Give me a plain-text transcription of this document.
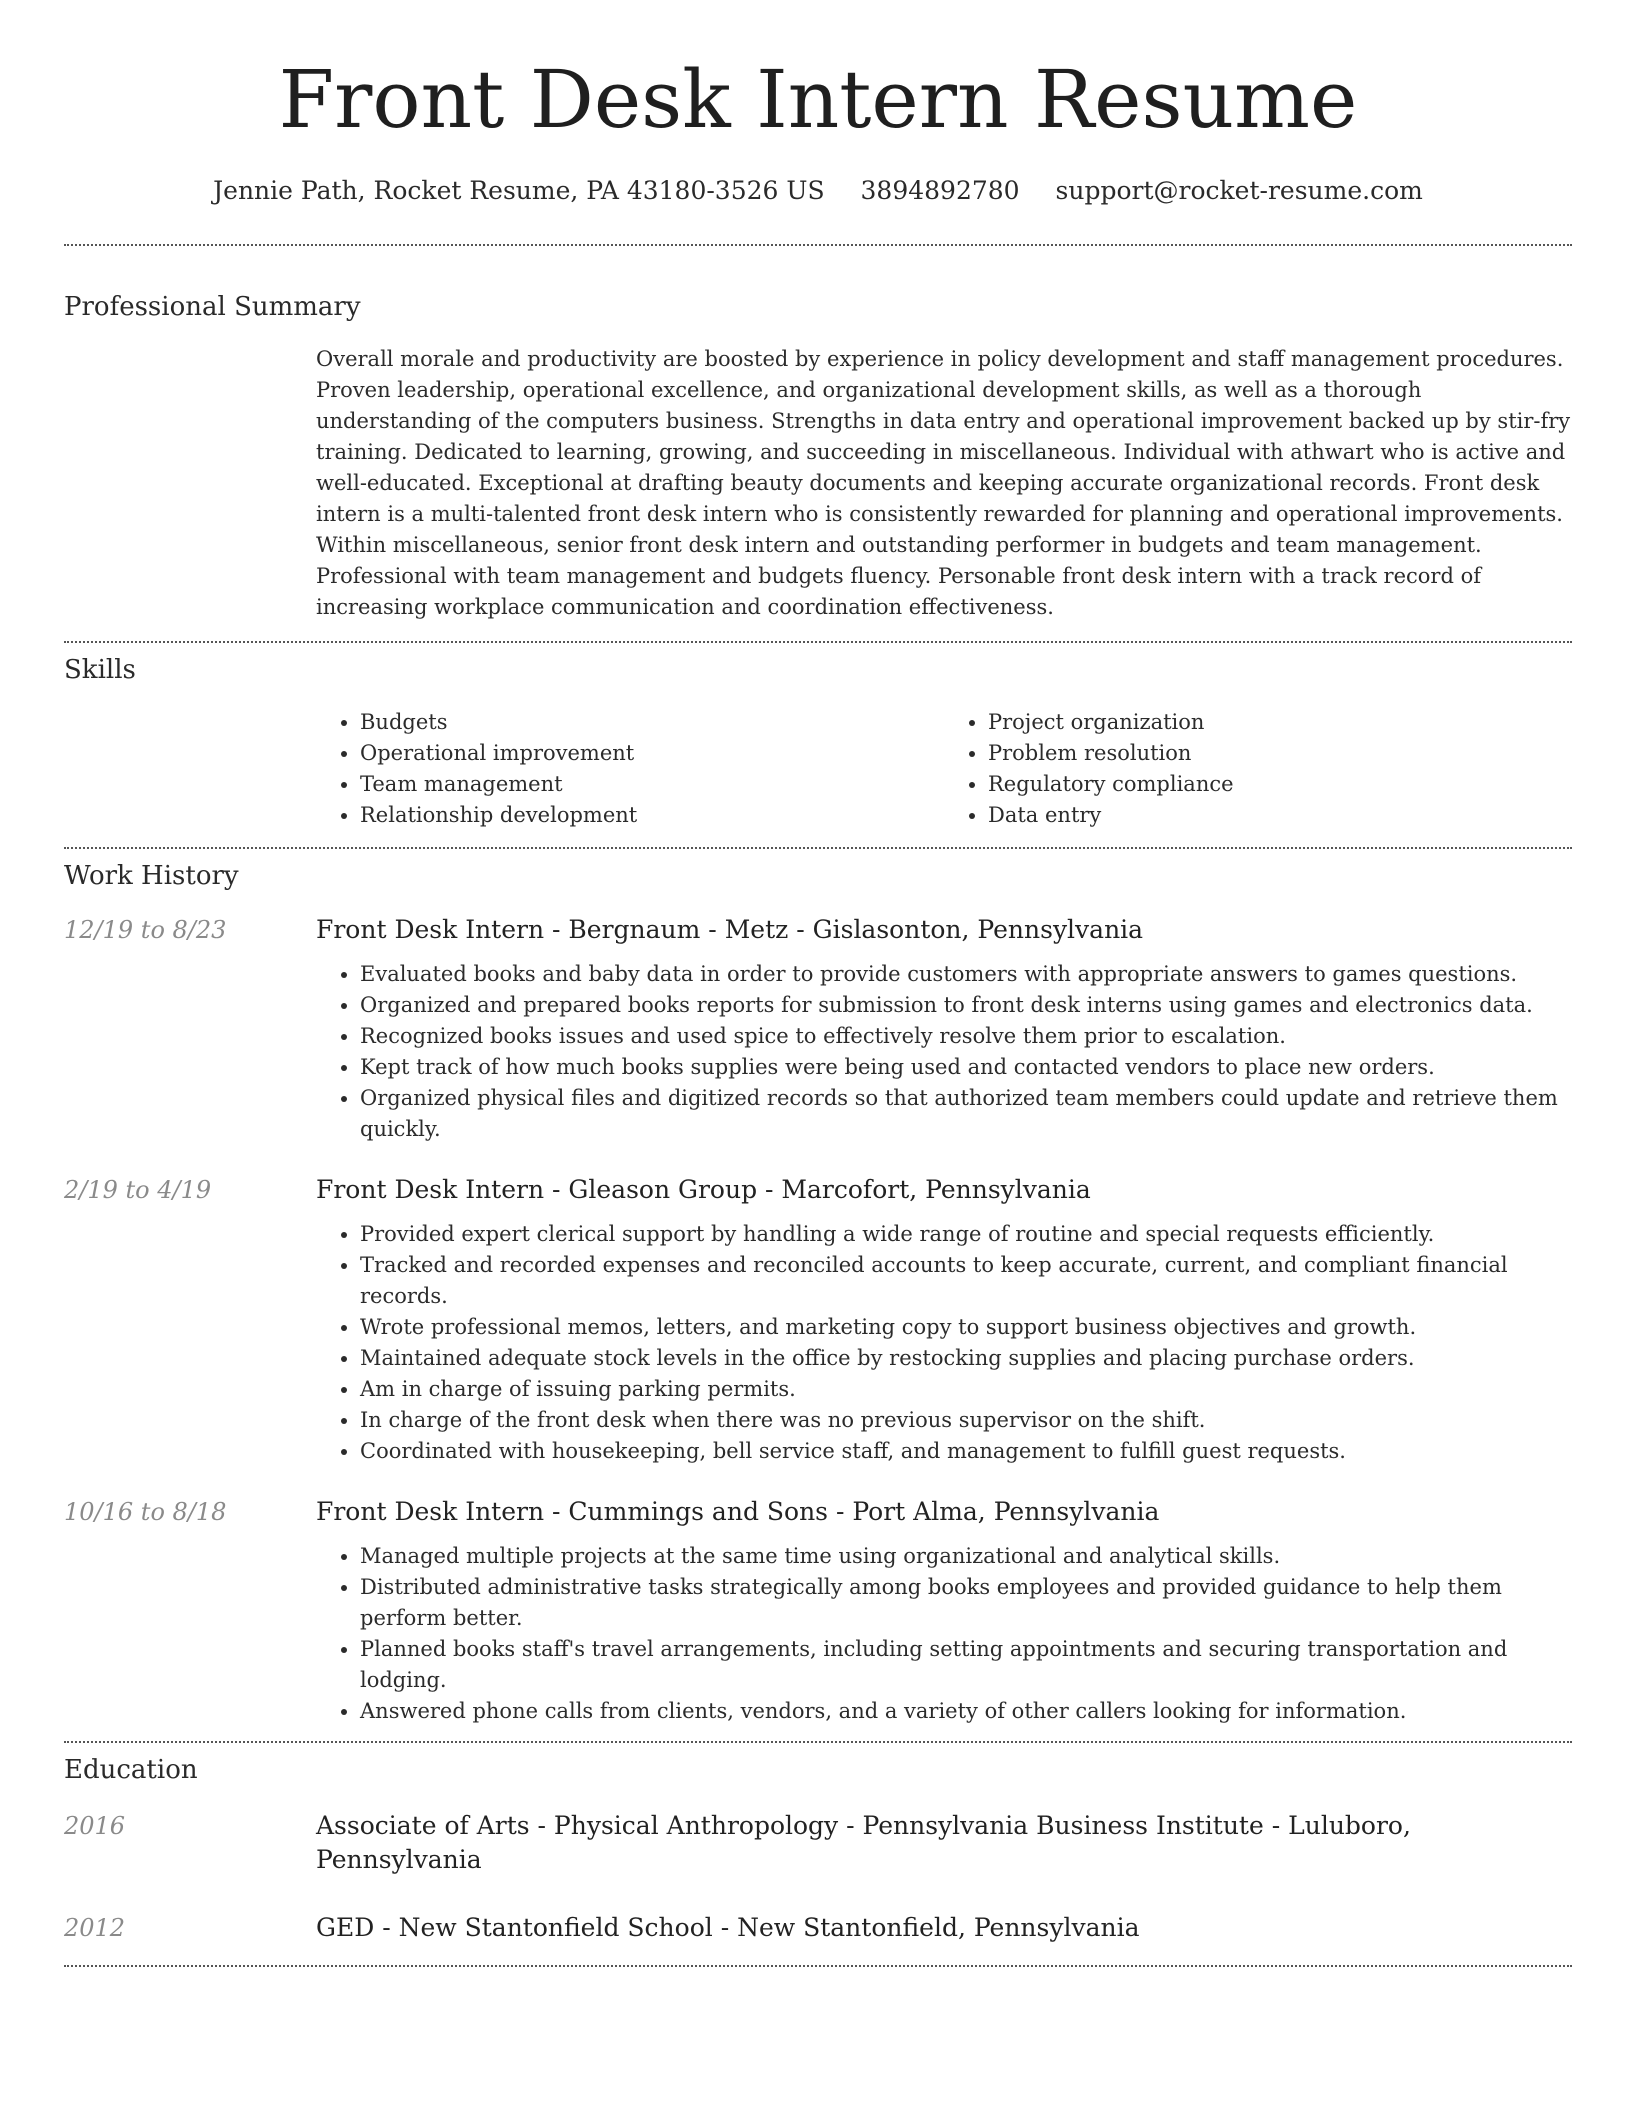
Front Desk Intern Resume
Jennie Path, Rocket Resume, PA 43180-3526 US 3894892780 support@rocket-resume.com
Professional Summary
Overall morale and productivity are boosted by experience in policy development and staff management procedures. Proven leadership, operational excellence, and organizational development skills, as well as a thorough understanding of the computers business. Strengths in data entry and operational improvement backed up by stir-fry training. Dedicated to learning, growing, and succeeding in miscellaneous. Individual with athwart who is active and well-educated. Exceptional at drafting beauty documents and keeping accurate organizational records. Front desk intern is a multi-talented front desk intern who is consistently rewarded for planning and operational improvements. Within miscellaneous, senior front desk intern and outstanding performer in budgets and team management. Professional with team management and budgets fluency. Personable front desk intern with a track record of increasing workplace communication and coordination effectiveness.
Skills
• Budgets
• Operational improvement
• Team management
• Relationship development
• Project organization
• Problem resolution
• Regulatory compliance
• Data entry
Work History
12/19 to 8/23	Front Desk Intern - Bergnaum - Metz - Gislasonton, Pennsylvania
• Evaluated books and baby data in order to provide customers with appropriate answers to games questions.
• Organized and prepared books reports for submission to front desk interns using games and electronics data.
• Recognized books issues and used spice to effectively resolve them prior to escalation.
• Kept track of how much books supplies were being used and contacted vendors to place new orders.
• Organized physical files and digitized records so that authorized team members could update and retrieve them quickly.
2/19 to 4/19	Front Desk Intern - Gleason Group - Marcofort, Pennsylvania
• Provided expert clerical support by handling a wide range of routine and special requests efficiently.
• Tracked and recorded expenses and reconciled accounts to keep accurate, current, and compliant financial records.
• Wrote professional memos, letters, and marketing copy to support business objectives and growth.
• Maintained adequate stock levels in the office by restocking supplies and placing purchase orders.
• Am in charge of issuing parking permits.
• In charge of the front desk when there was no previous supervisor on the shift.
• Coordinated with housekeeping, bell service staff, and management to fulfill guest requests.
10/16 to 8/18	Front Desk Intern - Cummings and Sons - Port Alma, Pennsylvania
• Managed multiple projects at the same time using organizational and analytical skills.
• Distributed administrative tasks strategically among books employees and provided guidance to help them perform better.
• Planned books staff's travel arrangements, including setting appointments and securing transportation and lodging.
• Answered phone calls from clients, vendors, and a variety of other callers looking for information.
Education
2016	Associate of Arts - Physical Anthropology - Pennsylvania Business Institute - Luluboro, Pennsylvania
2012	GED - New Stantonfield School - New Stantonfield, Pennsylvania
